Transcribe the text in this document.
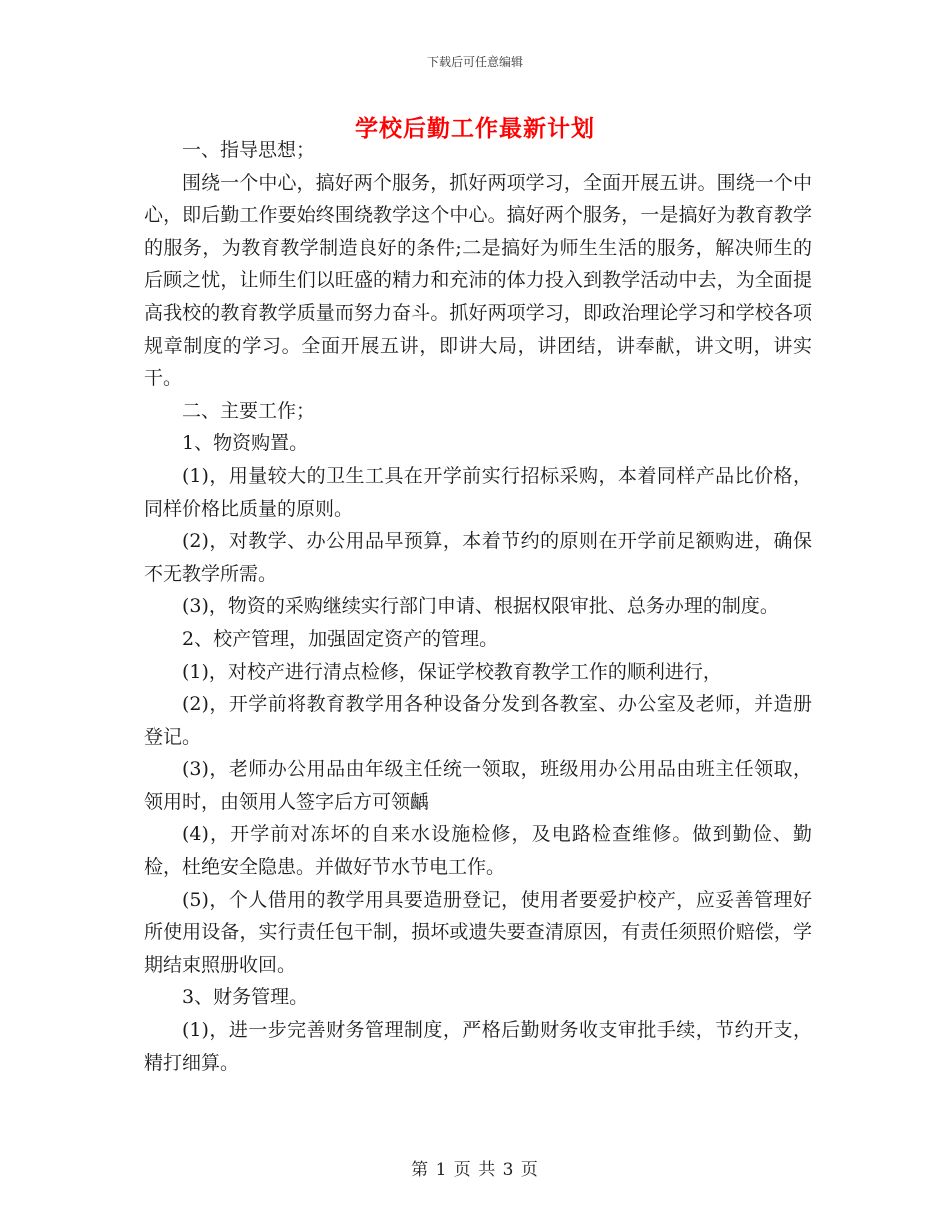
下载后可任意编辑
学校后勤工作最新计划

一、指导思想；

围绕一个中心，搞好两个服务，抓好两项学习，全面开展五讲。围绕一个中心，即后勤工作要始终围绕教学这个中心。搞好两个服务，一是搞好为教育教学的服务，为教育教学制造良好的条件;二是搞好为师生生活的服务，解决师生的后顾之忧，让师生们以旺盛的精力和充沛的体力投入到教学活动中去，为全面提高我校的教育教学质量而努力奋斗。抓好两项学习，即政治理论学习和学校各项规章制度的学习。全面开展五讲，即讲大局，讲团结，讲奉献，讲文明，讲实干。

二、主要工作；

1、物资购置。

(1)，用量较大的卫生工具在开学前实行招标采购，本着同样产品比价格，同样价格比质量的原则。

(2)，对教学、办公用品早预算，本着节约的原则在开学前足额购进，确保不无教学所需。

(3)，物资的采购继续实行部门申请、根据权限审批、总务办理的制度。

2、校产管理，加强固定资产的管理。

(1)，对校产进行清点检修，保证学校教育教学工作的顺利进行，

(2)，开学前将教育教学用各种设备分发到各教室、办公室及老师，并造册登记。

(3)，老师办公用品由年级主任统一领取，班级用办公用品由班主任领取，领用时，由领用人签字后方可领齲

(4)，开学前对冻坏的自来水设施检修，及电路检查维修。做到勤俭、勤检，杜绝安全隐患。并做好节水节电工作。

(5)，个人借用的教学用具要造册登记，使用者要爱护校产，应妥善管理好所使用设备，实行责任包干制，损坏或遗失要查清原因，有责任须照价赔偿，学期结束照册收回。

3、财务管理。

(1)，进一步完善财务管理制度，严格后勤财务收支审批手续，节约开支，精打细算。

第 1 页 共 3 页
